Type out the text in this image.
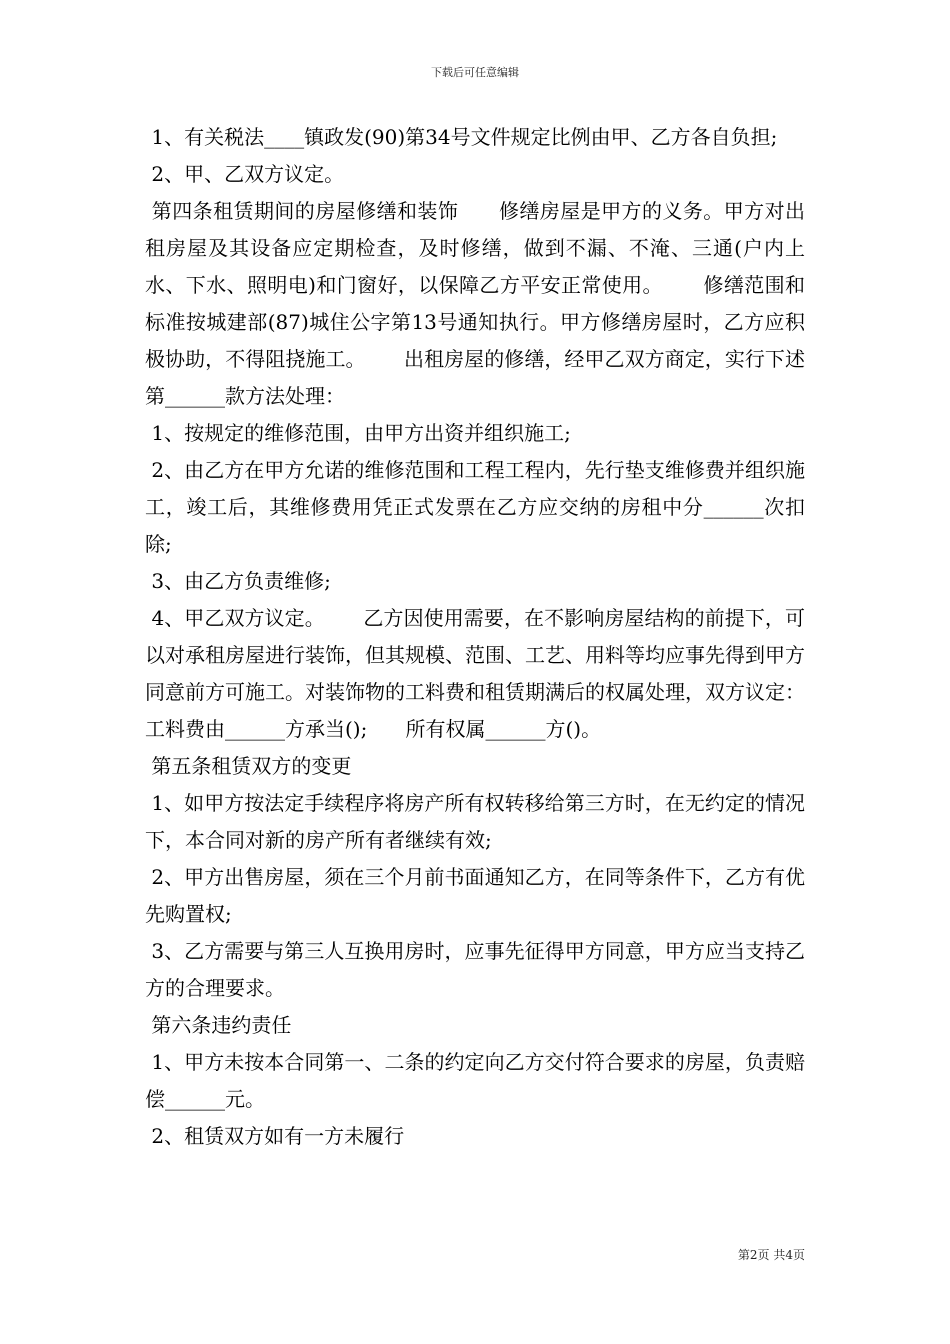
下载后可任意编辑

1、有关税法____镇政发(90)第34号文件规定比例由甲、乙方各自负担;

2、甲、乙双方议定。

第四条租赁期间的房屋修缮和装饰      修缮房屋是甲方的义务。甲方对出租房屋及其设备应定期检查，及时修缮，做到不漏、不淹、三通(户内上水、下水、照明电)和门窗好，以保障乙方平安正常使用。      修缮范围和标准按城建部(87)城住公字第13号通知执行。甲方修缮房屋时，乙方应积极协助，不得阻挠施工。      出租房屋的修缮，经甲乙双方商定，实行下述第______款方法处理：

1、按规定的维修范围，由甲方出资并组织施工;

2、由乙方在甲方允诺的维修范围和工程工程内，先行垫支维修费并组织施工，竣工后，其维修费用凭正式发票在乙方应交纳的房租中分______次扣除;

3、由乙方负责维修;

4、甲乙双方议定。      乙方因使用需要，在不影响房屋结构的前提下，可以对承租房屋进行装饰，但其规模、范围、工艺、用料等均应事先得到甲方同意前方可施工。对装饰物的工料费和租赁期满后的权属处理，双方议定：      工料费由______方承当();      所有权属______方()。

第五条租赁双方的变更

1、如甲方按法定手续程序将房产所有权转移给第三方时，在无约定的情况下，本合同对新的房产所有者继续有效;

2、甲方出售房屋，须在三个月前书面通知乙方，在同等条件下，乙方有优先购置权;

3、乙方需要与第三人互换用房时，应事先征得甲方同意，甲方应当支持乙方的合理要求。

第六条违约责任

1、甲方未按本合同第一、二条的约定向乙方交付符合要求的房屋，负责赔偿______元。

2、租赁双方如有一方未履行

第2页 共4页
